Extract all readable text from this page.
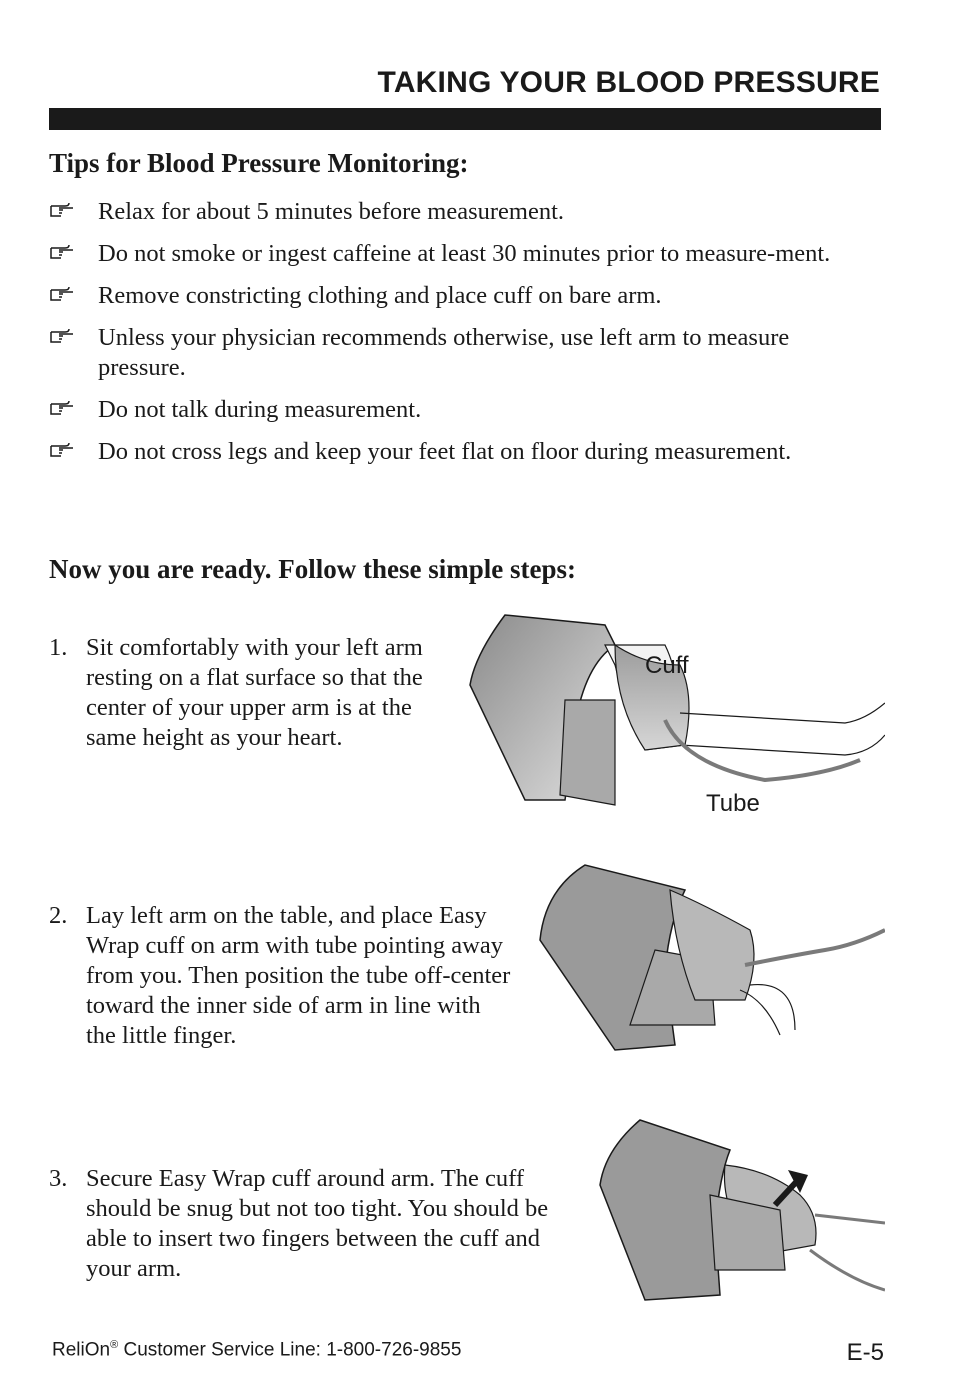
TAKING YOUR BLOOD PRESSURE
Tips for Blood Pressure Monitoring:
Relax for about 5 minutes before measurement.
Do not smoke or ingest caffeine at least 30 minutes prior to measure-ment.
Remove constricting clothing and place cuff on bare arm.
Unless your physician recommends otherwise, use left arm to measure pressure.
Do not talk during measurement.
Do not cross legs and keep your feet flat on floor during measurement.
Now you are ready. Follow these simple steps:
1. Sit comfortably with your left arm resting on a flat surface so that the center of your upper arm is at the same height as your heart.
2. Lay left arm on the table, and place Easy Wrap cuff on arm with tube pointing away from you. Then position the tube off-center toward the inner side of arm in line with the little finger.
3. Secure Easy Wrap cuff around arm. The cuff should be snug but not too tight. You should be able to insert two fingers between the cuff and your arm.
Cuff
Tube
ReliOn® Customer Service Line: 1-800-726-9855	E-5
